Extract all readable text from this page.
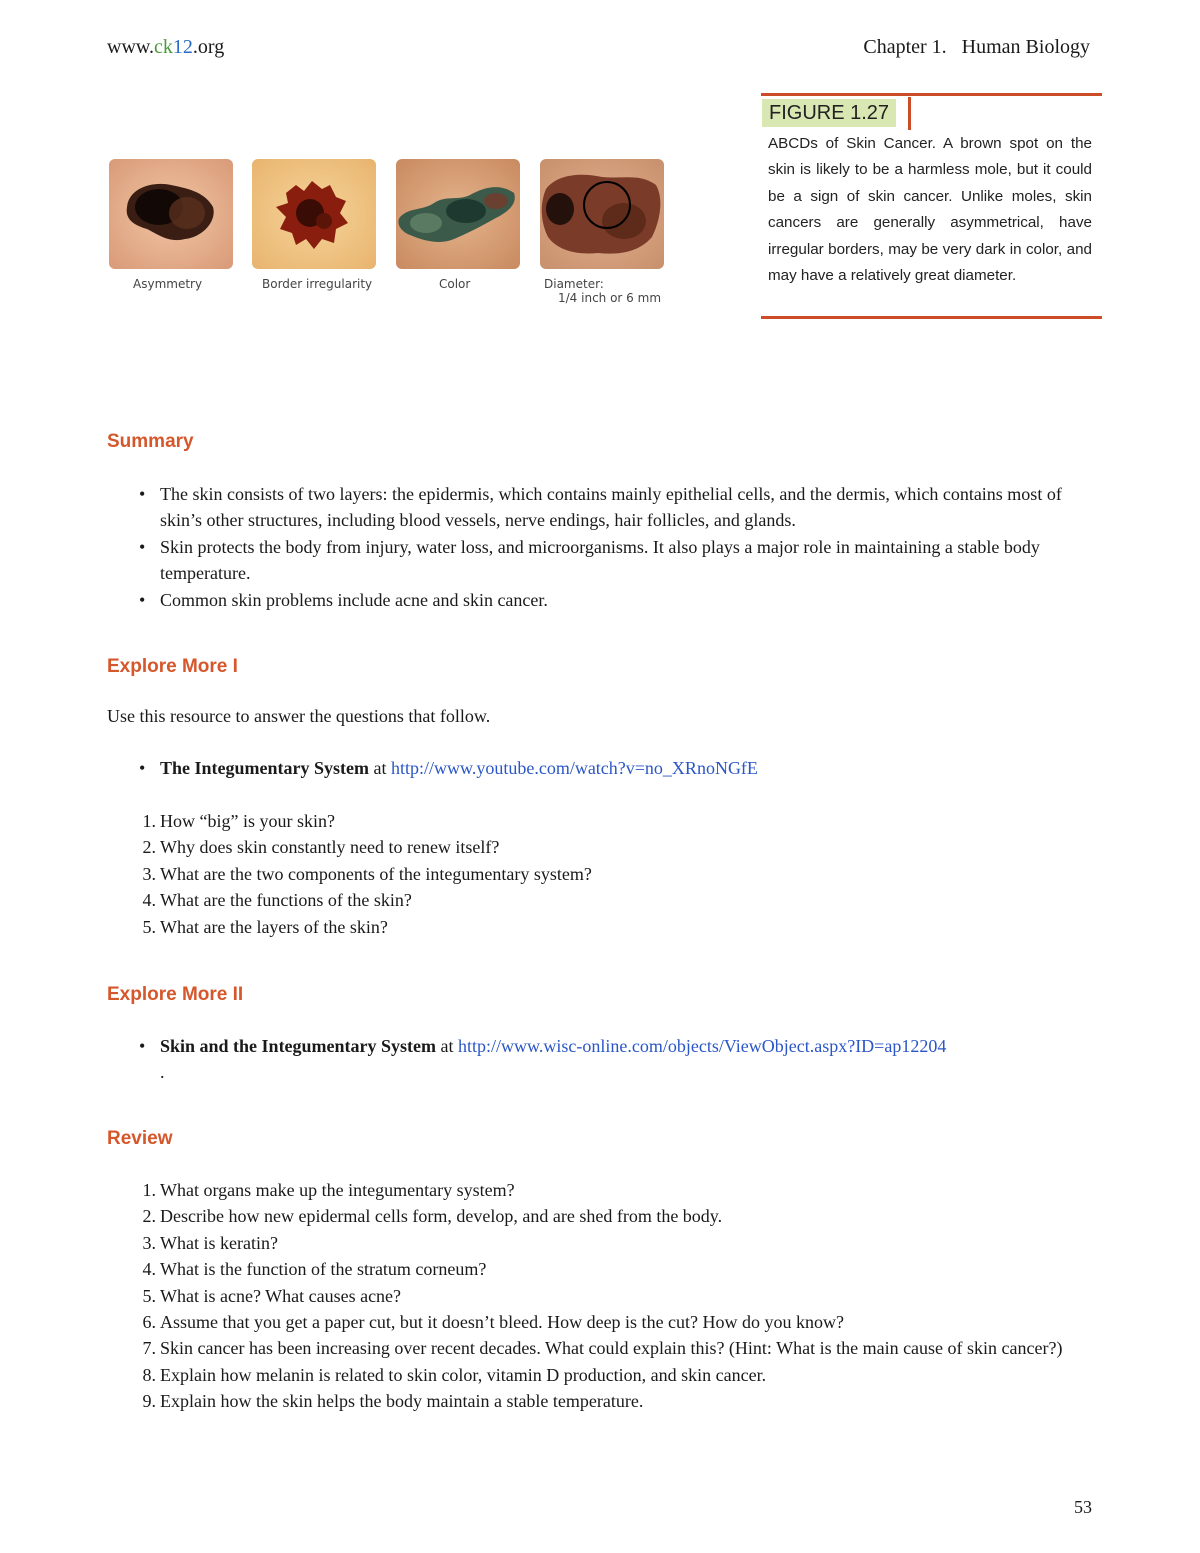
www.ck12.org	Chapter 1.   Human Biology
Asymmetry	Border irregularity	Color	Diameter:
1/4 inch or 6 mm
FIGURE 1.27
ABCDs of Skin Cancer. A brown spot on the skin is likely to be a harmless mole, but it could be a sign of skin cancer. Unlike moles, skin cancers are generally asymmetrical, have irregular borders, may be very dark in color, and may have a relatively great diameter.
Summary
• The skin consists of two layers: the epidermis, which contains mainly epithelial cells, and the dermis, which contains most of skin’s other structures, including blood vessels, nerve endings, hair follicles, and glands.
• Skin protects the body from injury, water loss, and microorganisms. It also plays a major role in maintaining a stable body temperature.
• Common skin problems include acne and skin cancer.
Explore More I
Use this resource to answer the questions that follow.
• The Integumentary System at http://www.youtube.com/watch?v=no_XRnoNGfE
1. How “big” is your skin?
2. Why does skin constantly need to renew itself?
3. What are the two components of the integumentary system?
4. What are the functions of the skin?
5. What are the layers of the skin?
Explore More II
• Skin and the Integumentary System at http://www.wisc-online.com/objects/ViewObject.aspx?ID=ap12204
.
Review
1. What organs make up the integumentary system?
2. Describe how new epidermal cells form, develop, and are shed from the body.
3. What is keratin?
4. What is the function of the stratum corneum?
5. What is acne? What causes acne?
6. Assume that you get a paper cut, but it doesn’t bleed. How deep is the cut? How do you know?
7. Skin cancer has been increasing over recent decades. What could explain this? (Hint: What is the main cause of skin cancer?)
8. Explain how melanin is related to skin color, vitamin D production, and skin cancer.
9. Explain how the skin helps the body maintain a stable temperature.
53
